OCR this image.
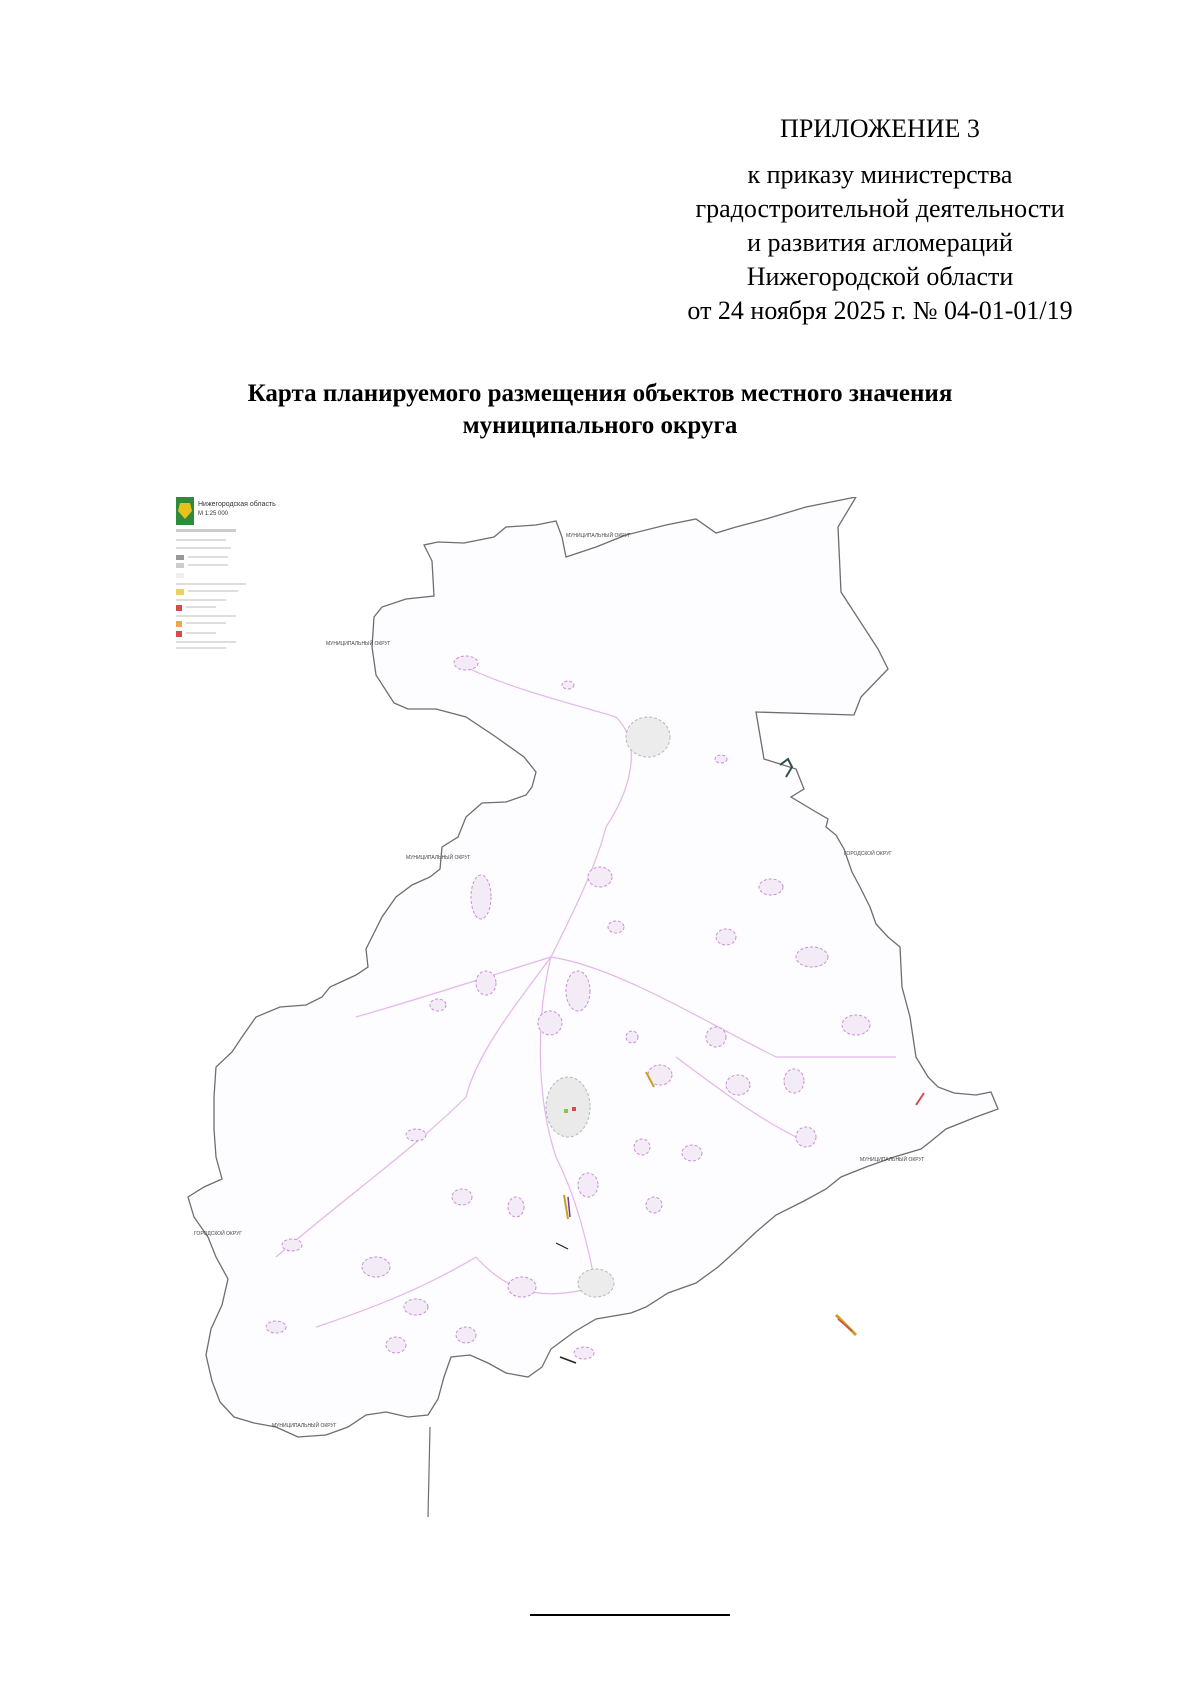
ПРИЛОЖЕНИЕ 3
к приказу министерства
градостроительной деятельности
и развития агломераций
Нижегородской области
от 24 ноября 2025 г. № 04-01-01/19
Карта планируемого размещения объектов местного значения
муниципального округа
Нижегородская область
М 1:25 000
МУНИЦИПАЛЬНЫЙ ОКРУГ
МУНИЦИПАЛЬНЫЙ ОКРУГ
МУНИЦИПАЛЬНЫЙ ОКРУГ
ГОРОДСКОЙ ОКРУГ
МУНИЦИПАЛЬНЫЙ ОКРУГ
ГОРОДСКОЙ ОКРУГ
МУНИЦИПАЛЬНЫЙ ОКРУГ
